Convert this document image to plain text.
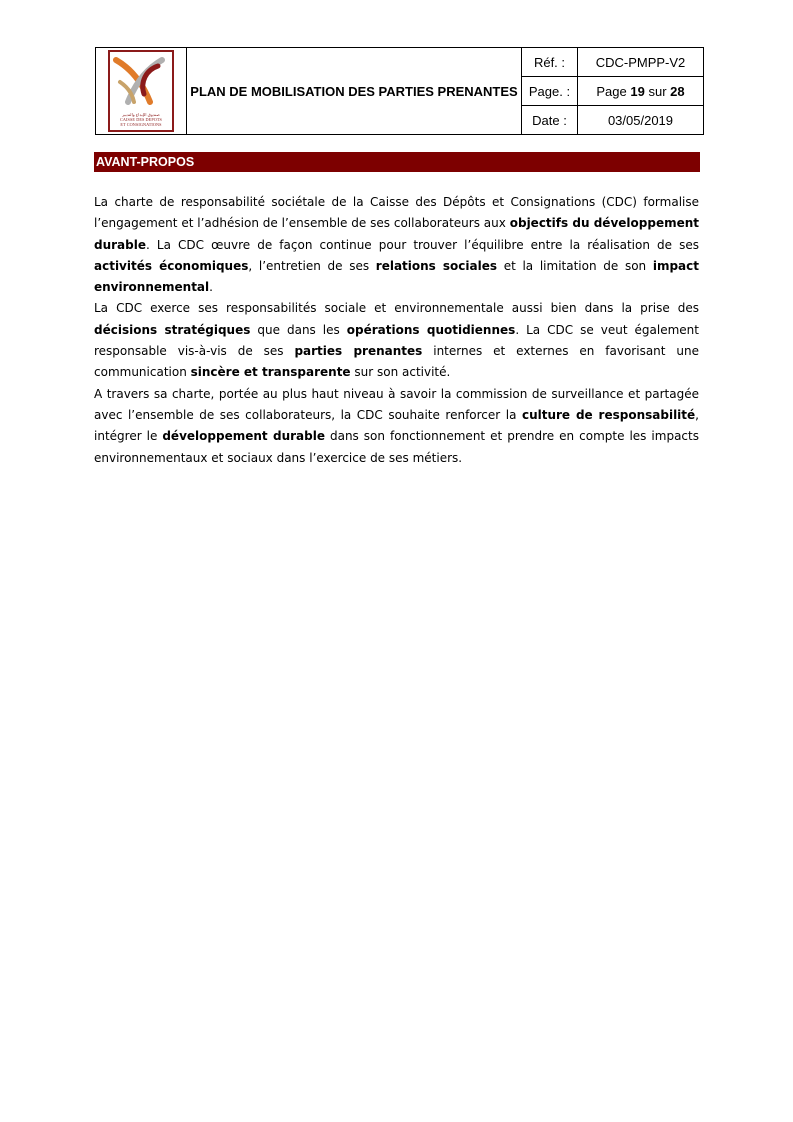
صندوق الإيداع والتدبير
CAISSE DES DEPOTS
ET CONSIGNATIONS	PLAN DE MOBILISATION DES PARTIES PRENANTES	Réf. :	CDC-PMPP-V2
		Page. :	Page 19 sur 28
		Date :	03/05/2019
AVANT-PROPOS

La charte de responsabilité sociétale de la Caisse des Dépôts et Consignations (CDC) formalise l’engagement et l’adhésion de l’ensemble de ses collaborateurs aux objectifs du développement durable. La CDC œuvre de façon continue pour trouver l’équilibre entre la réalisation de ses activités économiques, l’entretien de ses relations sociales et la limitation de son impact environnemental.

La CDC exerce ses responsabilités sociale et environnementale aussi bien dans la prise des décisions stratégiques que dans les opérations quotidiennes. La CDC se veut également responsable vis-à-vis de ses parties prenantes internes et externes en favorisant une communication sincère et transparente sur son activité.

A travers sa charte, portée au plus haut niveau à savoir la commission de surveillance et partagée avec l’ensemble de ses collaborateurs, la CDC souhaite renforcer la culture de responsabilité, intégrer le développement durable dans son fonctionnement et prendre en compte les impacts environnementaux et sociaux dans l’exercice de ses métiers.
